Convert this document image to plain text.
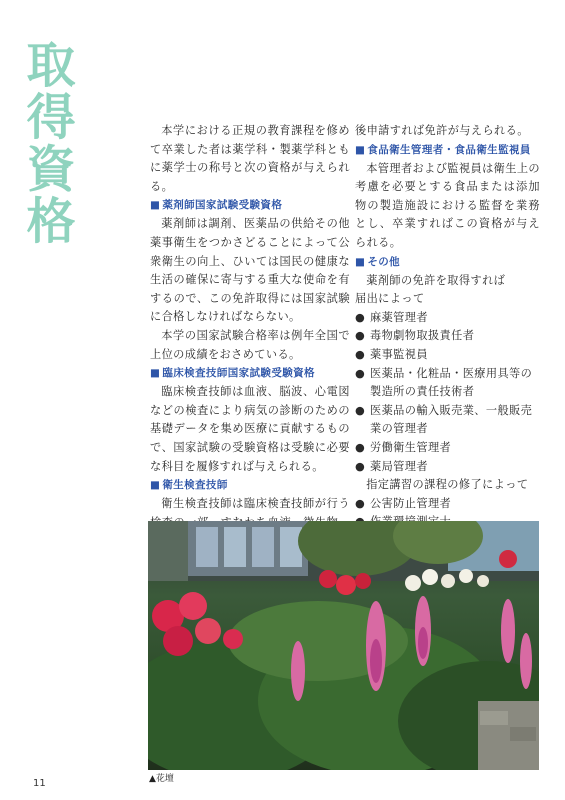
取
得
資
格

本学における正規の教育課程を修めて卒業した者は薬学科・製薬学科ともに薬学士の称号と次の資格が与えられる。

■ 薬剤師国家試験受験資格

薬剤師は調剤、医薬品の供給その他薬事衛生をつかさどることによって公衆衛生の向上、ひいては国民の健康な生活の確保に寄与する重大な使命を有するので、この免許取得には国家試験に合格しなければならない。

本学の国家試験合格率は例年全国で上位の成績をおさめている。

■ 臨床検査技師国家試験受験資格

臨床検査技師は血液、脳波、心電図などの検査により病気の診断のための基礎データを集め医療に貢献するもので、国家試験の受験資格は受験に必要な科目を履修すれば与えられる。

■ 衛生検査技師

衛生検査技師は臨床検査技師が行う

後申請すれば免許が与えられる。

■ 食品衛生管理者・食品衛生監視員

本管理者および監視員は衛生上の考慮を必要とする食品または添加物の製造施設における監督を業務とし、卒業すればこの資格が与えられる。

■ その他

薬剤師の免許を取得すれば

届出によって

● 麻薬管理者
● 毒物劇物取扱責任者
● 薬事監視員
● 医薬品・化粧品・医療用具等の製造所の責任技術者
● 医薬品の輸入販売業、一般販売業の管理者
● 労働衛生管理者
● 薬局管理者

指定講習の課程の修了によって

● 公害防止管理者

▲花壇
11
